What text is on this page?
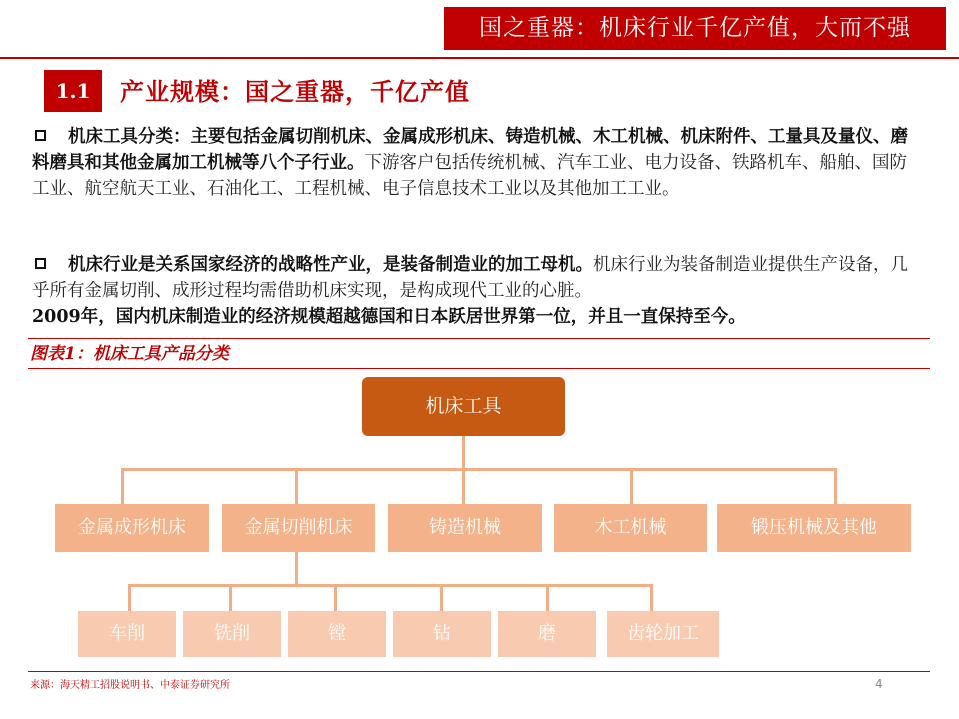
国之重器：机床行业千亿产值，大而不强
1.1	产业规模：国之重器，千亿产值
机床工具分类：主要包括金属切削机床、金属成形机床、铸造机械、木工机械、机床附件、工量具及量仪、磨料磨具和其他金属加工机械等八个子行业。下游客户包括传统机械、汽车工业、电力设备、铁路机车、船舶、国防工业、航空航天工业、石油化工、工程机械、电子信息技术工业以及其他加工工业。
机床行业是关系国家经济的战略性产业，是装备制造业的加工母机。机床行业为装备制造业提供生产设备，几乎所有金属切削、成形过程均需借助机床实现，是构成现代工业的心脏。
2009年，国内机床制造业的经济规模超越德国和日本跃居世界第一位，并且一直保持至今。
图表1：机床工具产品分类
机床工具
金属成形机床	金属切削机床	铸造机械	木工机械	锻压机械及其他
车削	铣削	镗	钻	磨	齿轮加工
来源：海天精工招股说明书、中泰证券研究所	4
